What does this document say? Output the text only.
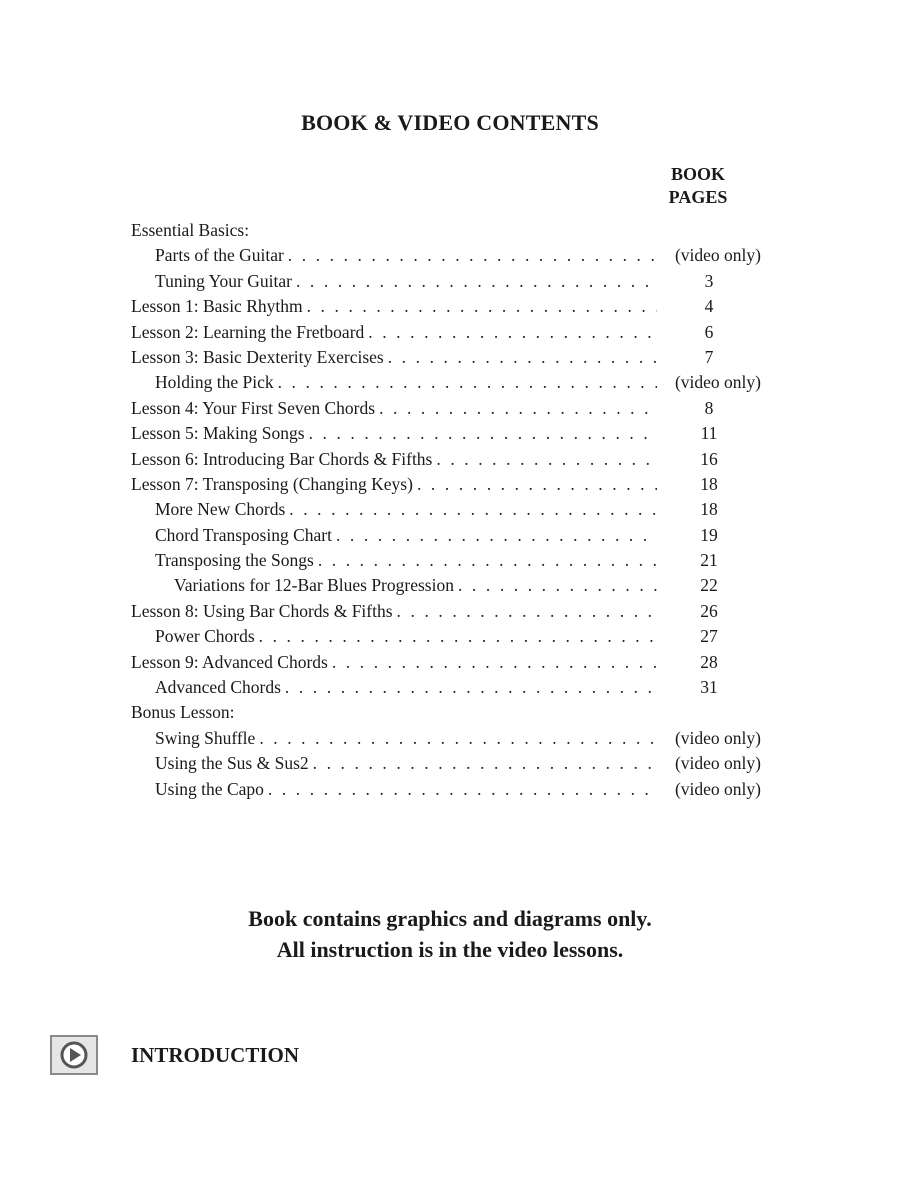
BOOK & VIDEO CONTENTS
BOOK
PAGES
Essential Basics:
Parts of the Guitar . . .	(video only)
Tuning Your Guitar . . .	3
Lesson 1: Basic Rhythm . . .	4
Lesson 2: Learning the Fretboard . . .	6
Lesson 3: Basic Dexterity Exercises . . .	7
Holding the Pick . . .	(video only)
Lesson 4: Your First Seven Chords . . .	8
Lesson 5: Making Songs . . .	11
Lesson 6: Introducing Bar Chords & Fifths . . .	16
Lesson 7: Transposing (Changing Keys) . . .	18
More New Chords . . .	18
Chord Transposing Chart . . .	19
Transposing the Songs . . .	21
Variations for 12-Bar Blues Progression . . .	22
Lesson 8: Using Bar Chords & Fifths . . .	26
Power Chords . . .	27
Lesson 9: Advanced Chords . . .	28
Advanced Chords . . .	31
Bonus Lesson:
Swing Shuffle . . .	(video only)
Using the Sus & Sus2 . . .	(video only)
Using the Capo . . .	(video only)
Book contains graphics and diagrams only.
All instruction is in the video lessons.
INTRODUCTION
